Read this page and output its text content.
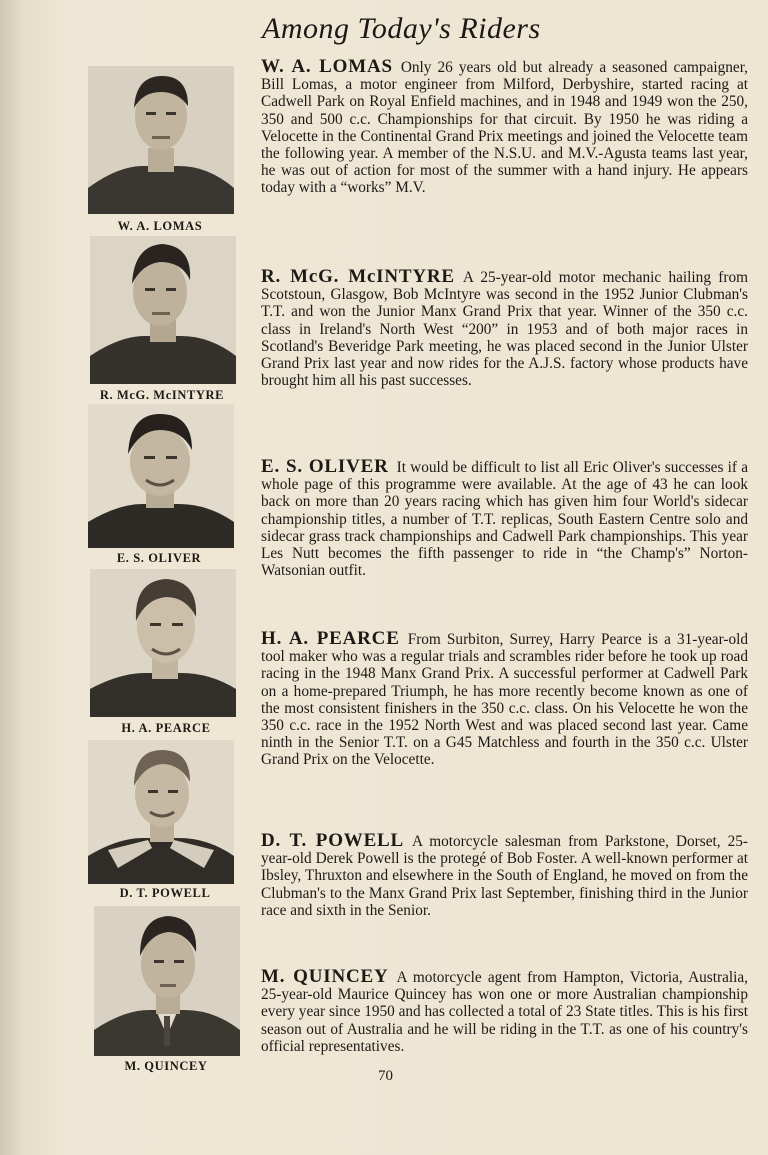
Among Today's Riders
W. A. LOMAS
R. McG. McINTYRE
E. S. OLIVER
H. A. PEARCE
D. T. POWELL
M. QUINCEY
W. A. LOMAS Only 26 years old but already a seasoned campaigner, Bill Lomas, a motor engineer from Milford, Derbyshire, started racing at Cadwell Park on Royal Enfield machines, and in 1948 and 1949 won the 250, 350 and 500 c.c. Championships for that circuit. By 1950 he was riding a Velocette in the Continental Grand Prix meetings and joined the Velocette team the following year. A member of the N.S.U. and M.V.-Agusta teams last year, he was out of action for most of the summer with a hand injury. He appears today with a “works” M.V.
R. McG. McINTYRE A 25-year-old motor mechanic hailing from Scotstoun, Glasgow, Bob McIntyre was second in the 1952 Junior Clubman's T.T. and won the Junior Manx Grand Prix that year. Winner of the 350 c.c. class in Ireland's North West “200” in 1953 and of both major races in Scotland's Beveridge Park meeting, he was placed second in the Junior Ulster Grand Prix last year and now rides for the A.J.S. factory whose products have brought him all his past successes.
E. S. OLIVER It would be difficult to list all Eric Oliver's successes if a whole page of this programme were available. At the age of 43 he can look back on more than 20 years racing which has given him four World's sidecar championship titles, a number of T.T. replicas, South Eastern Centre solo and sidecar grass track championships and Cadwell Park championships. This year Les Nutt becomes the fifth passenger to ride in “the Champ's” Norton-Watsonian outfit.
H. A. PEARCE From Surbiton, Surrey, Harry Pearce is a 31-year-old tool maker who was a regular trials and scrambles rider before he took up road racing in the 1948 Manx Grand Prix. A successful performer at Cadwell Park on a home-prepared Triumph, he has more recently become known as one of the most consistent finishers in the 350 c.c. class. On his Velocette he won the 350 c.c. race in the 1952 North West and was placed second last year. Came ninth in the Senior T.T. on a G45 Matchless and fourth in the 350 c.c. Ulster Grand Prix on the Velocette.
D. T. POWELL A motorcycle salesman from Parkstone, Dorset, 25-year-old Derek Powell is the protegé of Bob Foster. A well-known performer at Ibsley, Thruxton and elsewhere in the South of England, he moved on from the Clubman's to the Manx Grand Prix last September, finishing third in the Junior race and sixth in the Senior.
M. QUINCEY A motorcycle agent from Hampton, Victoria, Australia, 25-year-old Maurice Quincey has won one or more Australian championship every year since 1950 and has collected a total of 23 State titles. This is his first season out of Australia and he will be riding in the T.T. as one of his country's official representatives.
70
